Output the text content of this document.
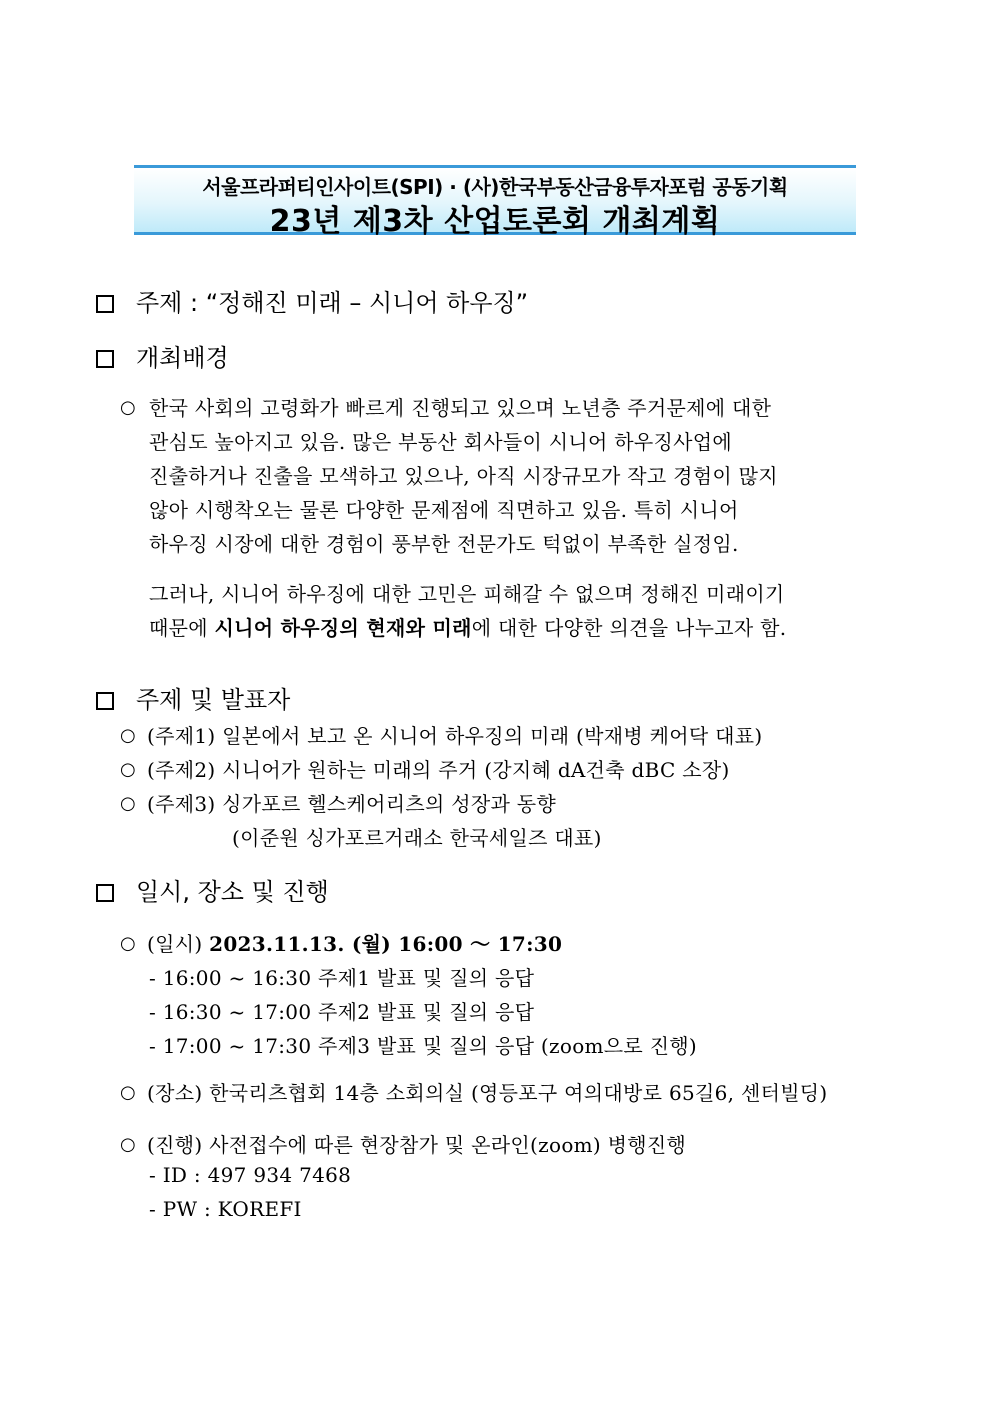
서울프라퍼티인사이트(SPI) · (사)한국부동산금융투자포럼 공동기획
23년 제3차 산업토론회 개최계획
주제 : “정해진 미래 – 시니어 하우징”
개최배경
○ 한국 사회의 고령화가 빠르게 진행되고 있으며 노년층 주거문제에 대한
관심도 높아지고 있음. 많은 부동산 회사들이 시니어 하우징사업에
진출하거나 진출을 모색하고 있으나, 아직 시장규모가 작고 경험이 많지
않아 시행착오는 물론 다양한 문제점에 직면하고 있음. 특히 시니어
하우징 시장에 대한 경험이 풍부한 전문가도 턱없이 부족한 실정임.
그러나, 시니어 하우징에 대한 고민은 피해갈 수 없으며 정해진 미래이기
때문에 시니어 하우징의 현재와 미래에 대한 다양한 의견을 나누고자 함.
주제 및 발표자
○ (주제1) 일본에서 보고 온 시니어 하우징의 미래 (박재병 케어닥 대표)
○ (주제2) 시니어가 원하는 미래의 주거 (강지혜 dA건축 dBC 소장)
○ (주제3) 싱가포르 헬스케어리츠의 성장과 동향
(이준원 싱가포르거래소 한국세일즈 대표)
일시, 장소 및 진행
○ (일시) 2023.11.13. (월) 16:00 ～ 17:30
- 16:00 ~ 16:30 주제1 발표 및 질의 응답
- 16:30 ~ 17:00 주제2 발표 및 질의 응답
- 17:00 ~ 17:30 주제3 발표 및 질의 응답 (zoom으로 진행)
○ (장소) 한국리츠협회 14층 소회의실 (영등포구 여의대방로 65길6, 센터빌딩)
○ (진행) 사전접수에 따른 현장참가 및 온라인(zoom) 병행진행
- ID : 497 934 7468
- PW : KOREFI
